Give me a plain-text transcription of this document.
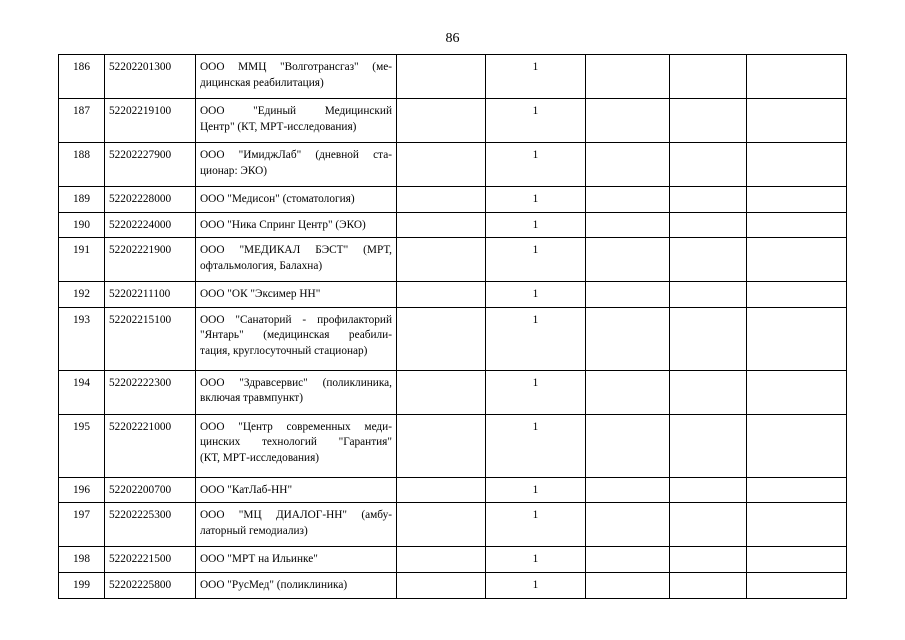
86
186	52202201300	ООО ММЦ "Волготрансгаз" (ме-
дицинская реабилитация)		1			
187	52202219100	ООО "Единый Медицинский
Центр" (КТ, МРТ-исследования)		1			
188	52202227900	ООО "ИмиджЛаб" (дневной ста-
ционар: ЭКО)		1			
189	52202228000	ООО "Медисон" (стоматология)		1			
190	52202224000	ООО "Ника Спринг Центр" (ЭКО)		1			
191	52202221900	ООО "МЕДИКАЛ БЭСТ" (МРТ,
офтальмология, Балахна)		1			
192	52202211100	ООО "ОК "Эксимер НН"		1			
193	52202215100	ООО "Санаторий - профилакторий
"Янтарь" (медицинская реабили-
тация, круглосуточный стационар)		1			
194	52202222300	ООО "Здравсервис" (поликлиника,
включая травмпункт)		1			
195	52202221000	ООО "Центр современных меди-
цинских технологий "Гарантия"
(КТ, МРТ-исследования)		1			
196	52202200700	ООО "КатЛаб-НН"		1			
197	52202225300	ООО "МЦ ДИАЛОГ-НН" (амбу-
латорный гемодиализ)		1			
198	52202221500	ООО "МРТ на Ильинке"		1			
199	52202225800	ООО "РусМед" (поликлиника)		1			
